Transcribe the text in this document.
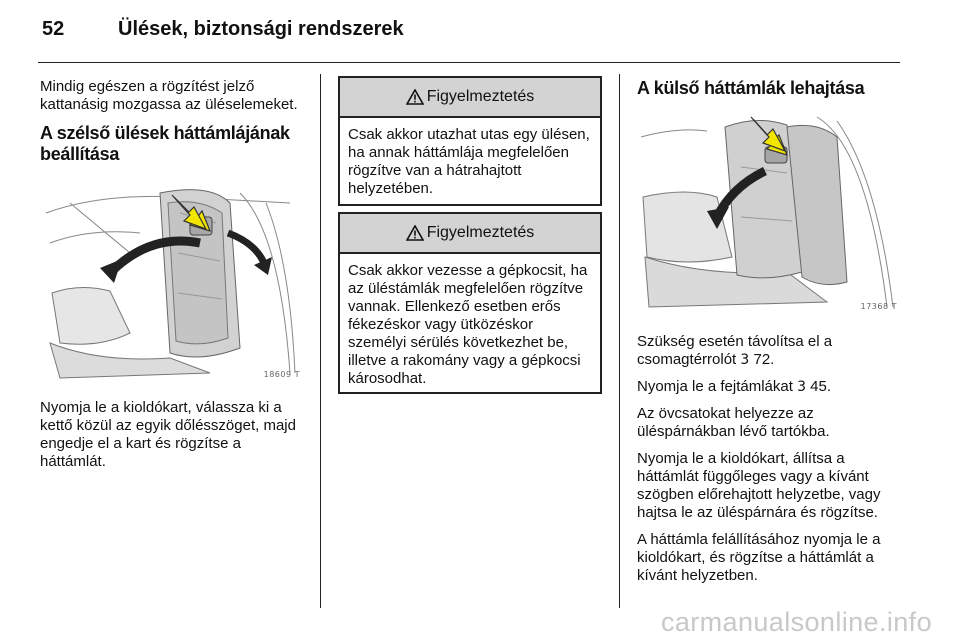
52	Ülések, biztonsági rendszerek

Mindig egészen a rögzítést jelző kattanásig mozgassa az üléselemeket.

A szélső ülések háttámlájának beállítása
18609 T

Nyomja le a kioldókart, válassza ki a kettő közül az egyik dőlésszöget, majd engedje el a kart és rögzítse a háttámlát.

Figyelmeztetés
Csak akkor utazhat utas egy ülésen, ha annak háttámlája megfelelően rögzítve van a hátrahajtott helyzetében.
Figyelmeztetés
Csak akkor vezesse a gépkocsit, ha az üléstámlák megfelelően rögzítve vannak. Ellenkező esetben erős fékezéskor vagy ütközéskor személyi sérülés következhet be, illetve a rakomány vagy a gépkocsi károsodhat.
A külső háttámlák lehajtása
17368 T

Szükség esetén távolítsa el a csomagtérrolót 3 72.

Nyomja le a fejtámlákat 3 45.

Az övcsatokat helyezze az üléspárnákban lévő tartókba.

Nyomja le a kioldókart, állítsa a háttámlát függőleges vagy a kívánt szögben előrehajtott helyzetbe, vagy hajtsa le az üléspárnára és rögzítse.

A háttámla felállításához nyomja le a kioldókart, és rögzítse a háttámlát a kívánt helyzetben.

carmanualsonline.info
